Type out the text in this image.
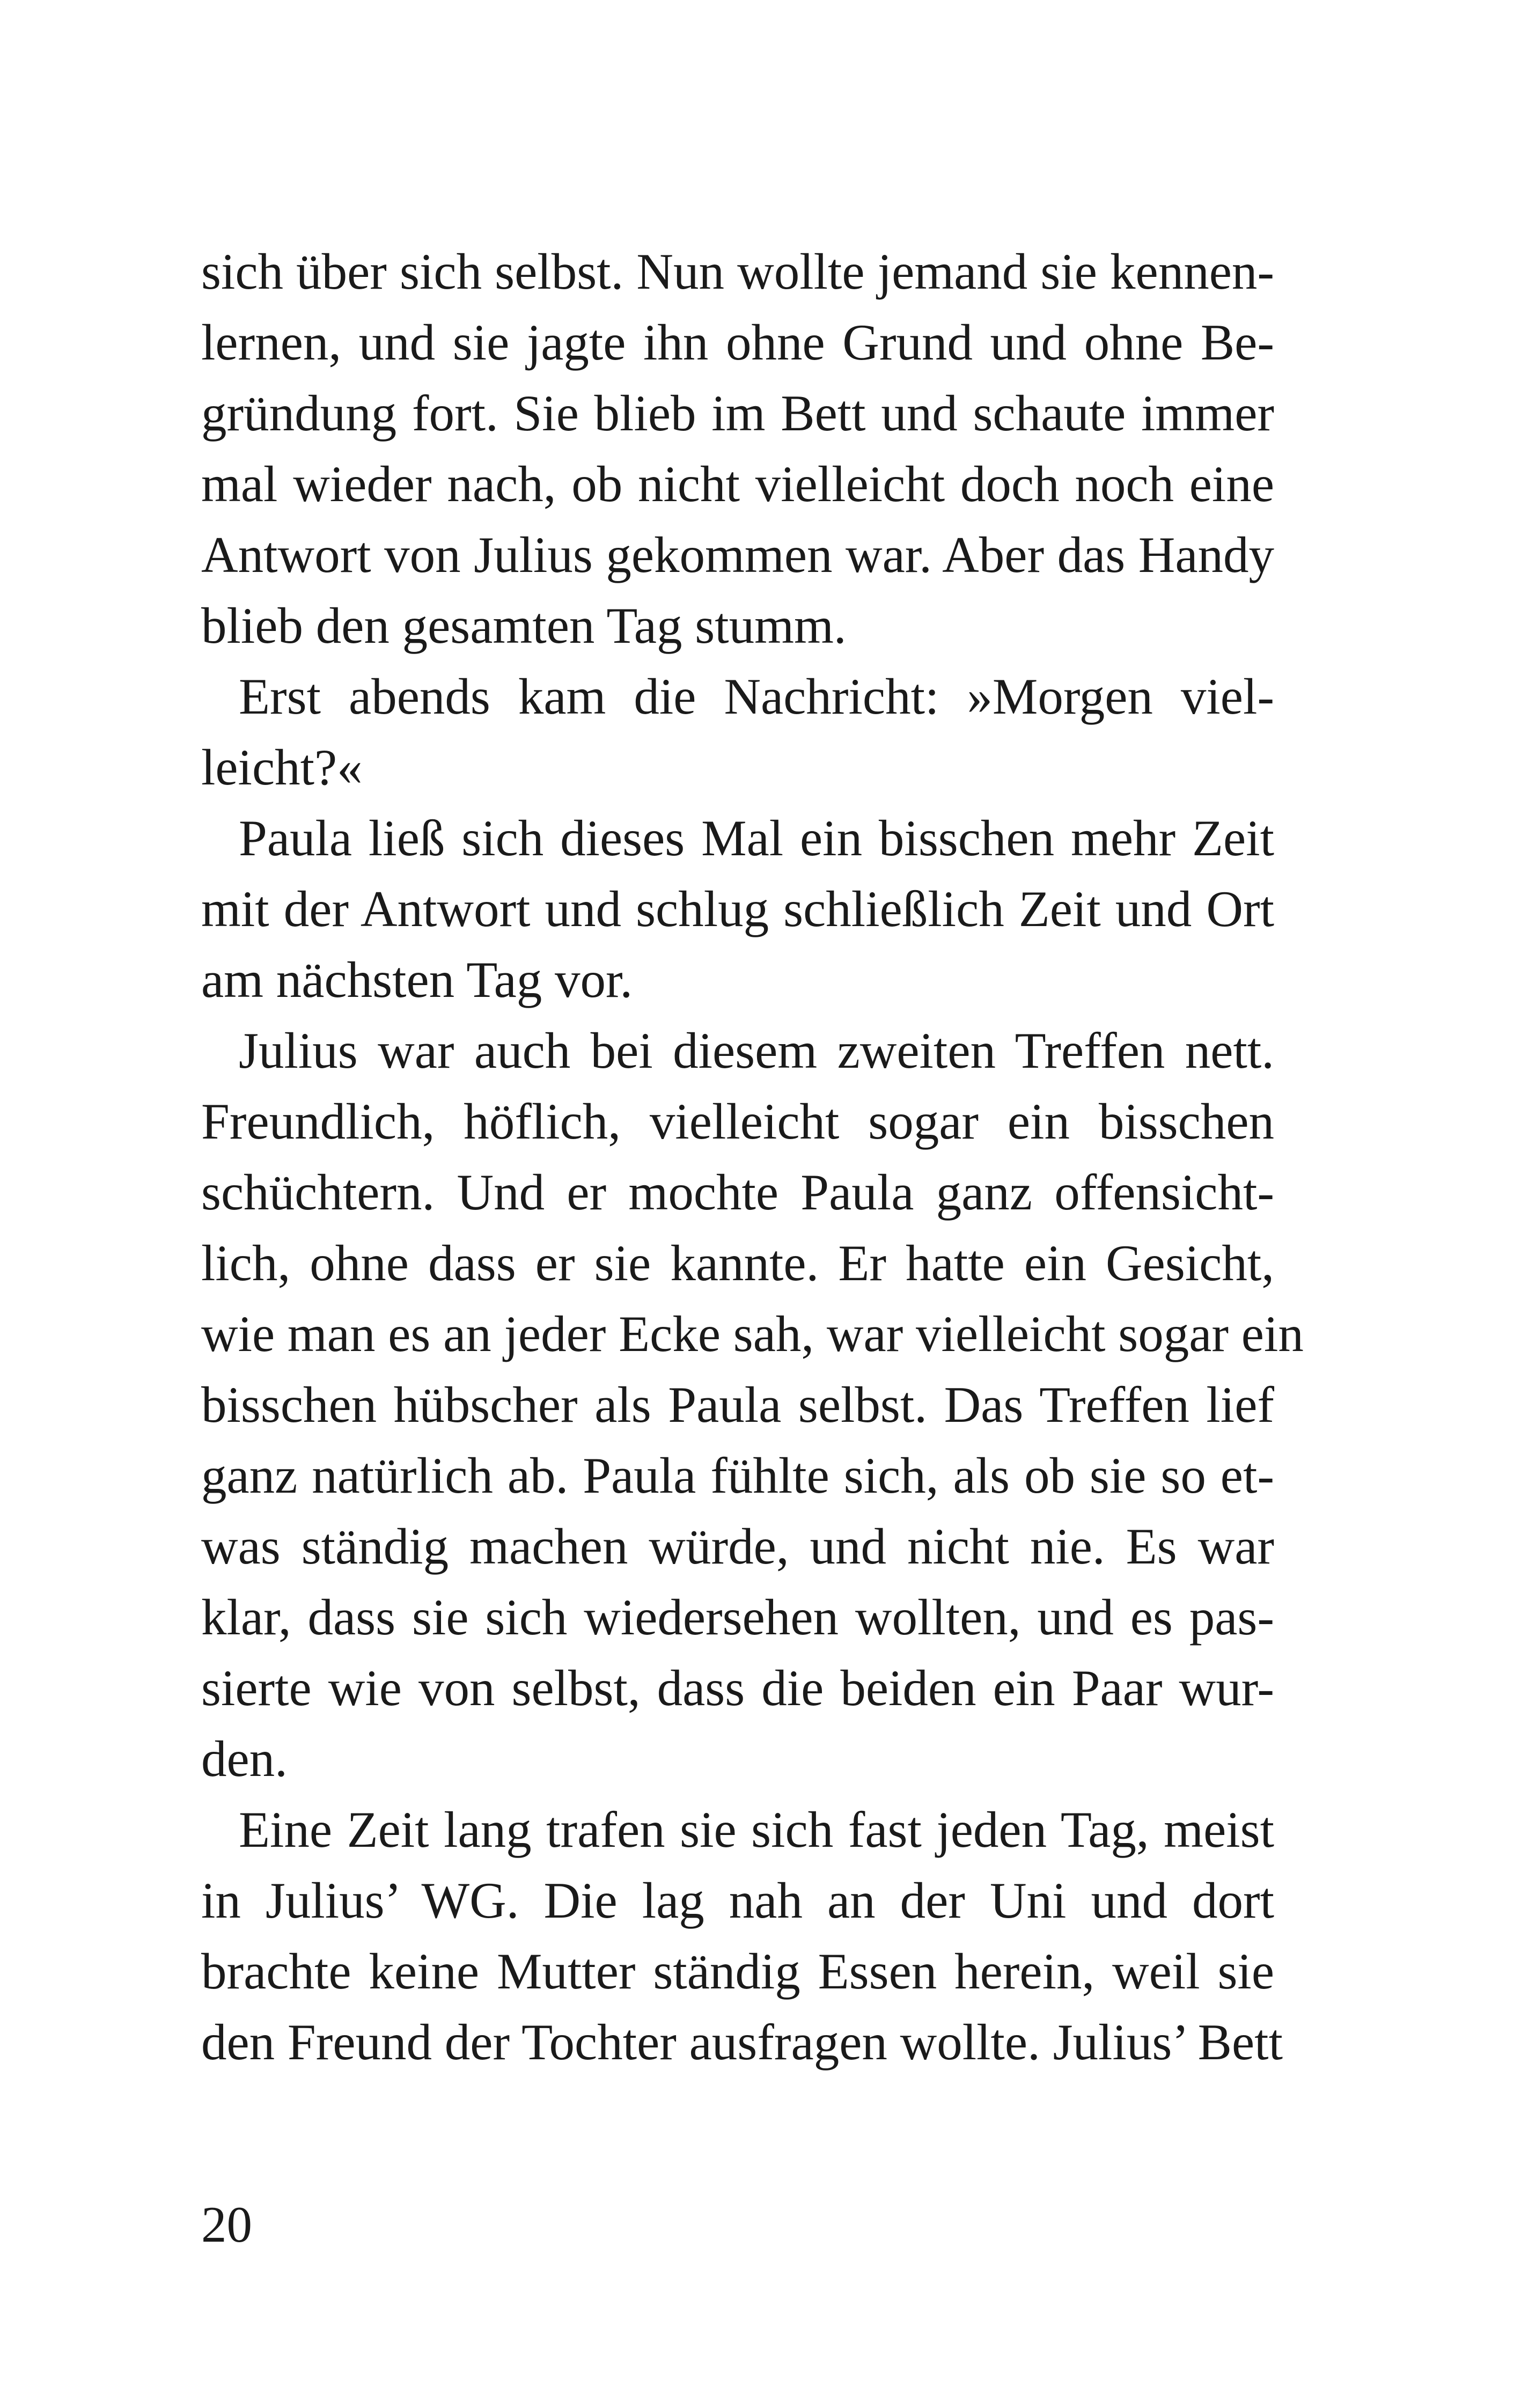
sich über sich selbst. Nun wollte jemand sie kennen-
lernen, und sie jagte ihn ohne Grund und ohne Be-
gründung fort. Sie blieb im Bett und schaute immer
mal wieder nach, ob nicht vielleicht doch noch eine
Antwort von Julius gekommen war. Aber das Handy
blieb den gesamten Tag stumm.
Erst abends kam die Nachricht: »Morgen viel-
leicht?«
Paula ließ sich dieses Mal ein bisschen mehr Zeit
mit der Antwort und schlug schließlich Zeit und Ort
am nächsten Tag vor.
Julius war auch bei diesem zweiten Treffen nett.
Freundlich, höflich, vielleicht sogar ein bisschen
schüchtern. Und er mochte Paula ganz offensicht-
lich, ohne dass er sie kannte. Er hatte ein Gesicht,
wie man es an jeder Ecke sah, war vielleicht sogar ein
bisschen hübscher als Paula selbst. Das Treffen lief
ganz natürlich ab. Paula fühlte sich, als ob sie so et-
was ständig machen würde, und nicht nie. Es war
klar, dass sie sich wiedersehen wollten, und es pas-
sierte wie von selbst, dass die beiden ein Paar wur-
den.
Eine Zeit lang trafen sie sich fast jeden Tag, meist
in Julius’ WG. Die lag nah an der Uni und dort
brachte keine Mutter ständig Essen herein, weil sie
den Freund der Tochter ausfragen wollte. Julius’ Bett
20
